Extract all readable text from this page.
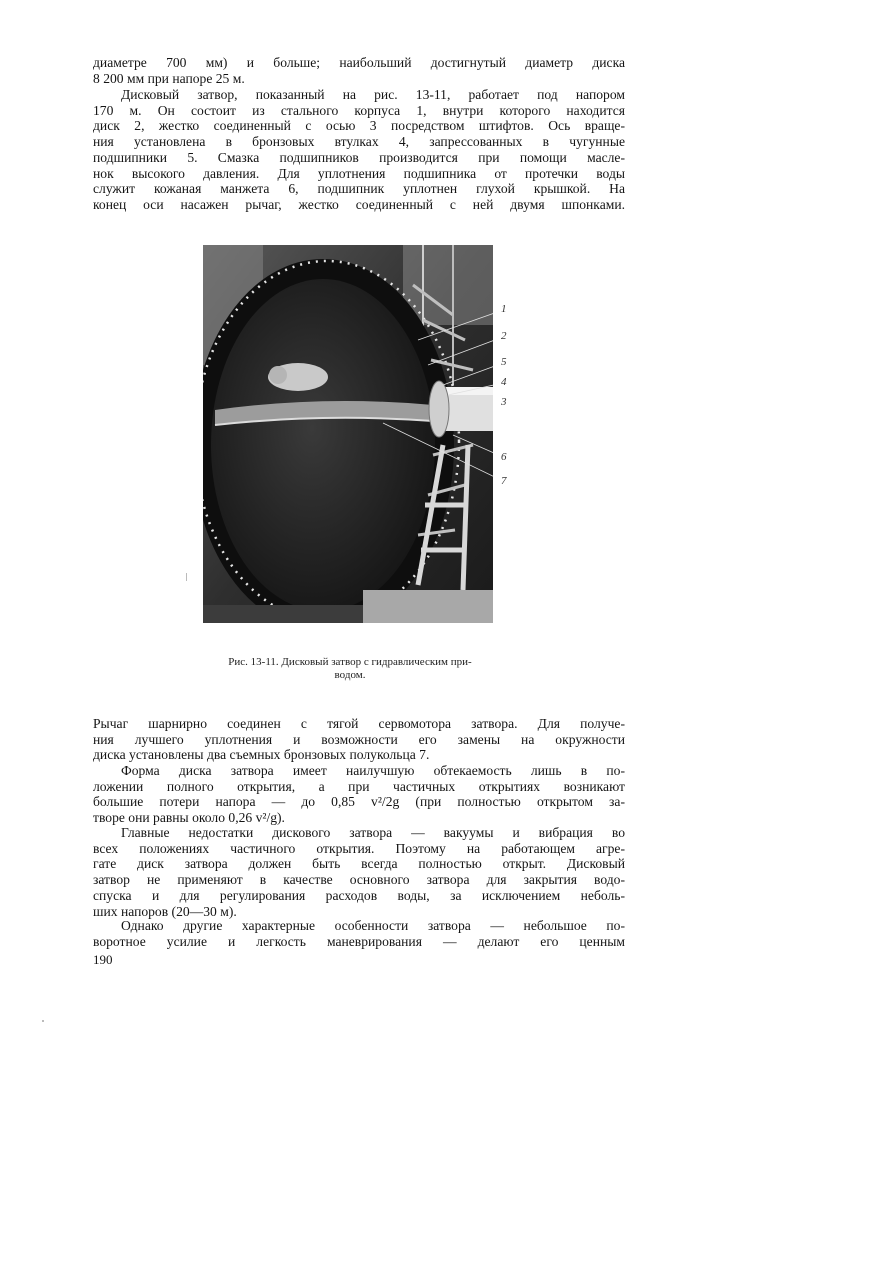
диаметре 700 мм) и больше; наибольший достигнутый диаметр диска
8 200 мм при напоре 25 м.
Дисковый затвор, показанный на рис. 13-11, работает под напором
170 м. Он состоит из стального корпуса 1, внутри которого находится
диск 2, жестко соединенный с осью 3 посредством штифтов. Ось враще-
ния установлена в бронзовых втулках 4, запрессованных в чугунные
подшипники 5. Смазка подшипников производится при помощи масле-
нок высокого давления. Для уплотнения подшипника от протечки воды
служит кожаная манжета 6, подшипник уплотнен глухой крышкой. На
конец оси насажен рычаг, жестко соединенный с ней двумя шпонками.
1
2
5
4
3
6
7
Рис. 13-11. Дисковый затвор с гидравлическим при-
водом.
Рычаг шарнирно соединен с тягой сервомотора затвора. Для получе-
ния лучшего уплотнения и возможности его замены на окружности
диска установлены два съемных бронзовых полукольца 7.
Форма диска затвора имеет наилучшую обтекаемость лишь в по-
ложении полного открытия, а при частичных открытиях возникают
большие потери напора — до 0,85 v²/2g (при полностью открытом за-
творе они равны около 0,26 v²/g).
Главные недостатки дискового затвора — вакуумы и вибрация во
всех положениях частичного открытия. Поэтому на работающем агре-
гате диск затвора должен быть всегда полностью открыт. Дисковый
затвор не применяют в качестве основного затвора для закрытия водо-
спуска и для регулирования расходов воды, за исключением неболь-
ших напоров (20—30 м).
Однако другие характерные особенности затвора — небольшое по-
воротное усилие и легкость маневрирования — делают его ценным
190
